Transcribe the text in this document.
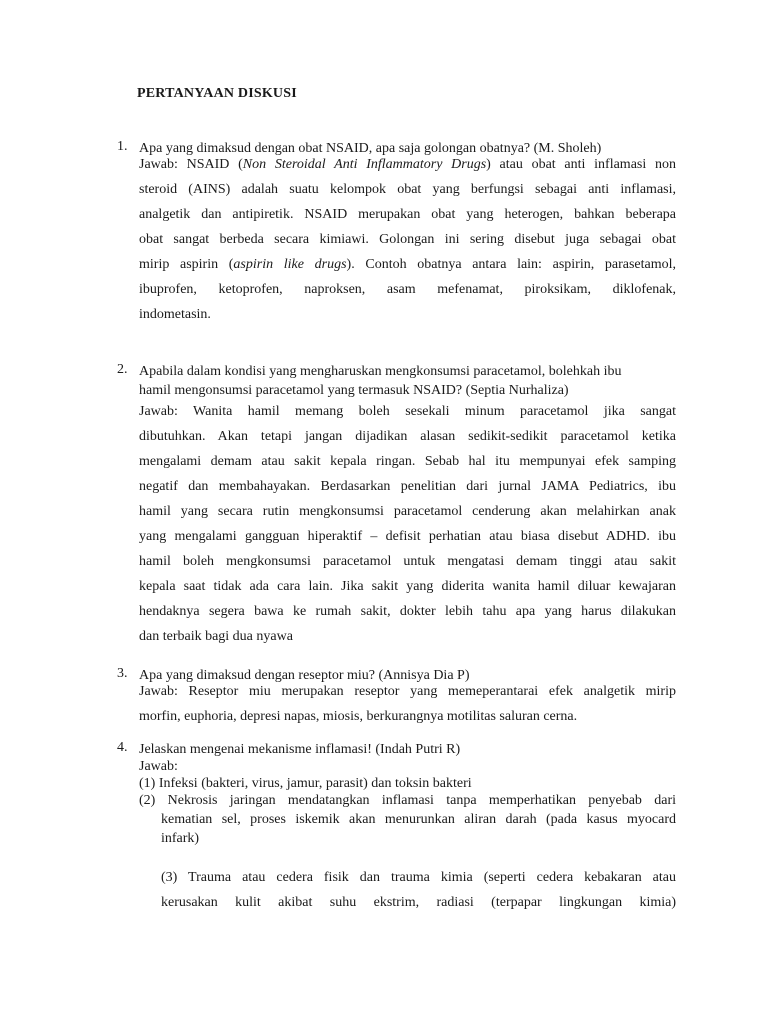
PERTANYAAN DISKUSI
1. Apa yang dimaksud dengan obat NSAID, apa saja golongan obatnya? (M. Sholeh)
Jawab: NSAID (Non Steroidal Anti Inflammatory Drugs) atau obat anti inflamasi non
steroid (AINS) adalah suatu kelompok obat yang berfungsi sebagai anti inflamasi,
analgetik dan antipiretik. NSAID merupakan obat yang heterogen, bahkan beberapa
obat sangat berbeda secara kimiawi. Golongan ini sering disebut juga sebagai obat
mirip aspirin (aspirin like drugs). Contoh obatnya antara lain: aspirin, parasetamol,
ibuprofen, ketoprofen, naproksen, asam mefenamat, piroksikam, diklofenak,
indometasin.
2. Apabila dalam kondisi yang mengharuskan mengkonsumsi paracetamol, bolehkah ibu
hamil mengonsumsi paracetamol yang termasuk NSAID? (Septia Nurhaliza)
Jawab: Wanita hamil memang boleh sesekali minum paracetamol jika sangat
dibutuhkan. Akan tetapi jangan dijadikan alasan sedikit-sedikit paracetamol ketika
mengalami demam atau sakit kepala ringan. Sebab hal itu mempunyai efek samping
negatif dan membahayakan. Berdasarkan penelitian dari jurnal JAMA Pediatrics, ibu
hamil yang secara rutin mengkonsumsi paracetamol cenderung akan melahirkan anak
yang mengalami gangguan hiperaktif – defisit perhatian atau biasa disebut ADHD. ibu
hamil boleh mengkonsumsi paracetamol untuk mengatasi demam tinggi atau sakit
kepala saat tidak ada cara lain. Jika sakit yang diderita wanita hamil diluar kewajaran
hendaknya segera bawa ke rumah sakit, dokter lebih tahu apa yang harus dilakukan
dan terbaik bagi dua nyawa
3. Apa yang dimaksud dengan reseptor miu? (Annisya Dia P)
Jawab: Reseptor miu merupakan reseptor yang memeperantarai efek analgetik mirip
morfin, euphoria, depresi napas, miosis, berkurangnya motilitas saluran cerna.
4. Jelaskan mengenai mekanisme inflamasi! (Indah Putri R)
Jawab:
(1) Infeksi (bakteri, virus, jamur, parasit) dan toksin bakteri
(2) Nekrosis jaringan mendatangkan inflamasi tanpa memperhatikan penyebab dari
kematian sel, proses iskemik akan menurunkan aliran darah (pada kasus myocard
infark)
(3) Trauma atau cedera fisik dan trauma kimia (seperti cedera kebakaran atau
kerusakan kulit akibat suhu ekstrim, radiasi (terpapar lingkungan kimia)
